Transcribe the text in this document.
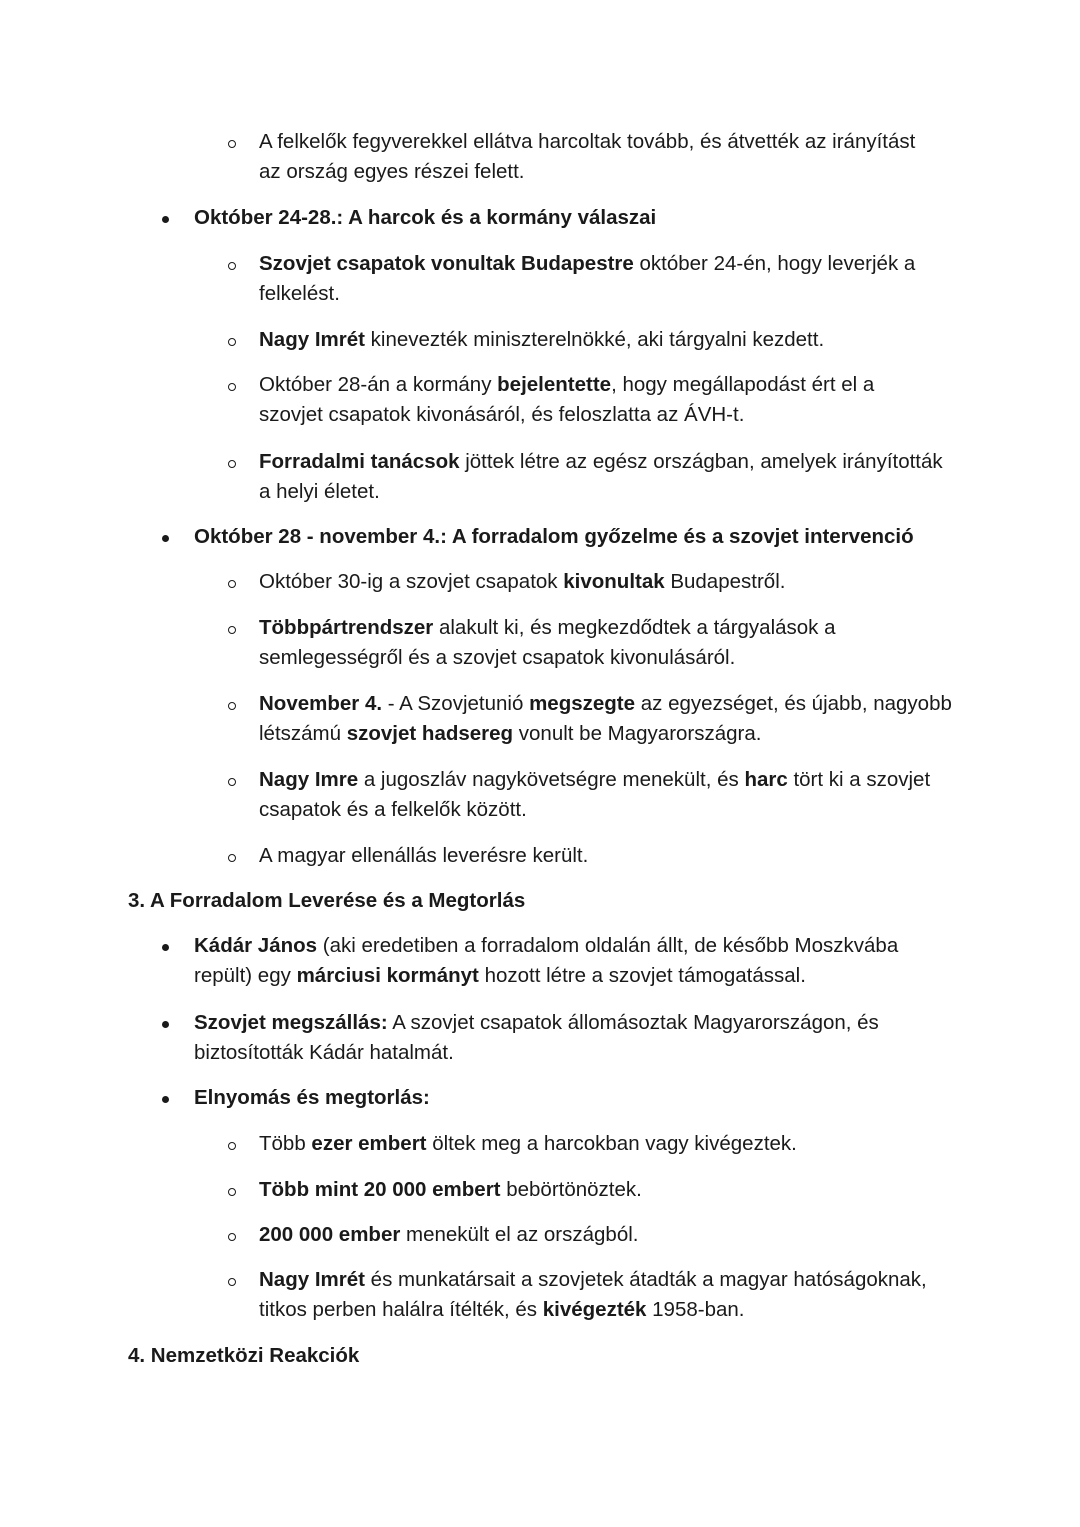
A felkelők fegyverekkel ellátva harcoltak tovább, és átvették az irányítást
az ország egyes részei felett.
Október 24-28.: A harcok és a kormány válaszai
Szovjet csapatok vonultak Budapestre október 24-én, hogy leverjék a
felkelést.
Nagy Imrét kinevezték miniszterelnökké, aki tárgyalni kezdett.
Október 28-án a kormány bejelentette, hogy megállapodást ért el a
szovjet csapatok kivonásáról, és feloszlatta az ÁVH-t.
Forradalmi tanácsok jöttek létre az egész országban, amelyek irányították
a helyi életet.
Október 28 - november 4.: A forradalom győzelme és a szovjet intervenció
Október 30-ig a szovjet csapatok kivonultak Budapestről.
Többpártrendszer alakult ki, és megkezdődtek a tárgyalások a
semlegességről és a szovjet csapatok kivonulásáról.
November 4. - A Szovjetunió megszegte az egyezséget, és újabb, nagyobb
létszámú szovjet hadsereg vonult be Magyarországra.
Nagy Imre a jugoszláv nagykövetségre menekült, és harc tört ki a szovjet
csapatok és a felkelők között.
A magyar ellenállás leverésre került.
3. A Forradalom Leverése és a Megtorlás
Kádár János (aki eredetiben a forradalom oldalán állt, de később Moszkvába
repült) egy márciusi kormányt hozott létre a szovjet támogatással.
Szovjet megszállás: A szovjet csapatok állomásoztak Magyarországon, és
biztosították Kádár hatalmát.
Elnyomás és megtorlás:
Több ezer embert öltek meg a harcokban vagy kivégeztek.
Több mint 20 000 embert bebörtönöztek.
200 000 ember menekült el az országból.
Nagy Imrét és munkatársait a szovjetek átadták a magyar hatóságoknak,
titkos perben halálra ítélték, és kivégezték 1958-ban.
4. Nemzetközi Reakciók
